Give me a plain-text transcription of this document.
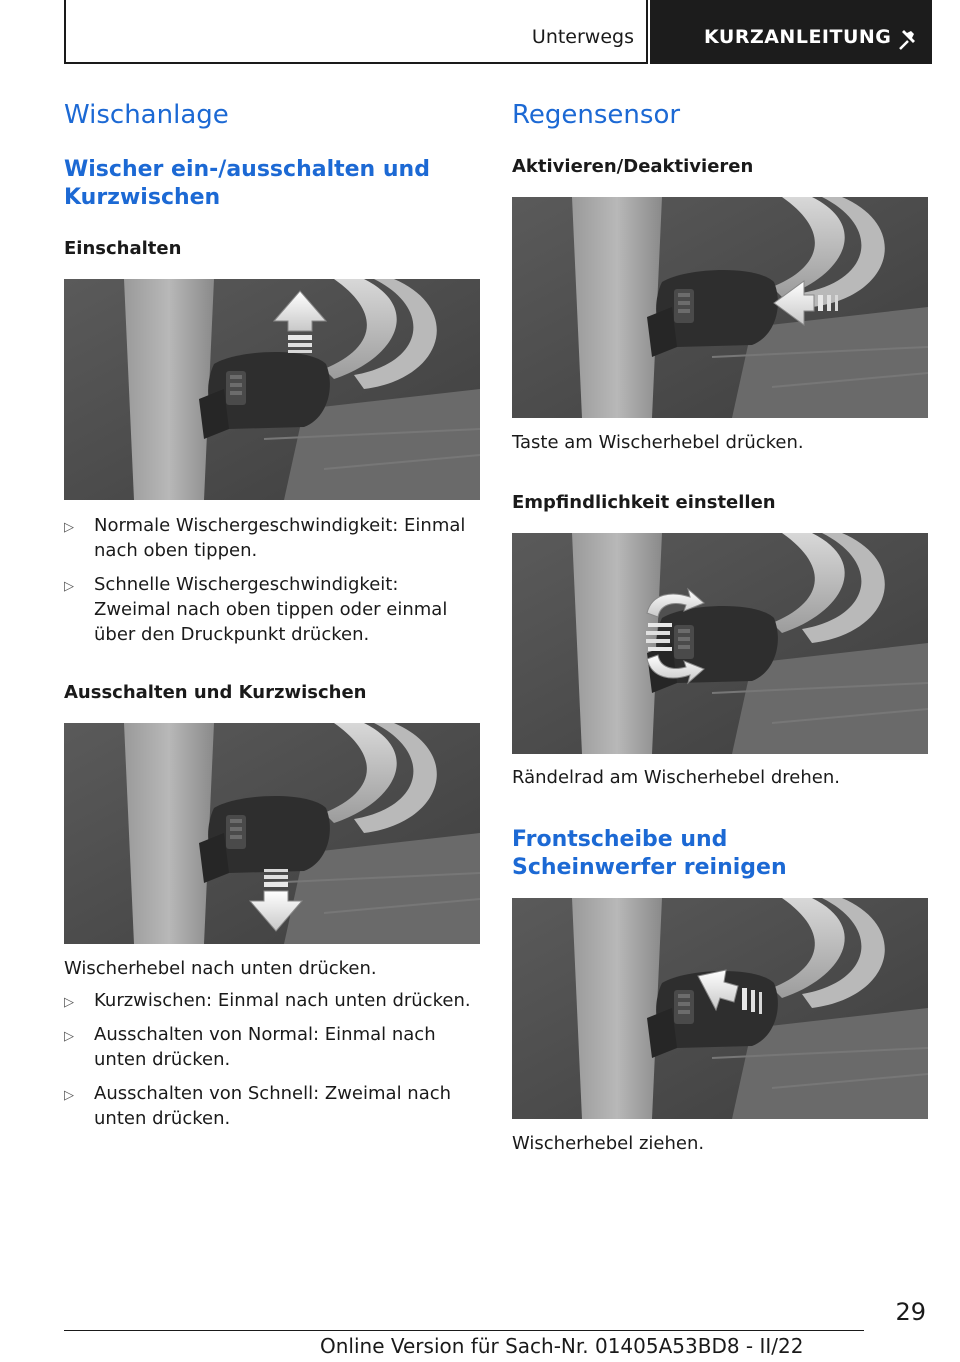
Unterwegs	KURZANLEITUNG
Wischanlage
Wischer ein-/ausschalten und Kurzwischen
Einschalten
▷ Normale Wischergeschwindigkeit: Einmal nach oben tippen.
▷ Schnelle Wischergeschwindigkeit: Zweimal nach oben tippen oder einmal über den Druckpunkt drücken.
Ausschalten und Kurzwischen
Wischerhebel nach unten drücken.
▷ Kurzwischen: Einmal nach unten drücken.
▷ Ausschalten von Normal: Einmal nach unten drücken.
▷ Ausschalten von Schnell: Zweimal nach unten drücken.
Regensensor
Aktivieren/Deaktivieren
Taste am Wischerhebel drücken.
Empfindlichkeit einstellen
Rändelrad am Wischerhebel drehen.
Frontscheibe und Scheinwerfer reinigen
Wischerhebel ziehen.
29
Online Version für Sach-Nr. 01405A53BD8 - II/22
